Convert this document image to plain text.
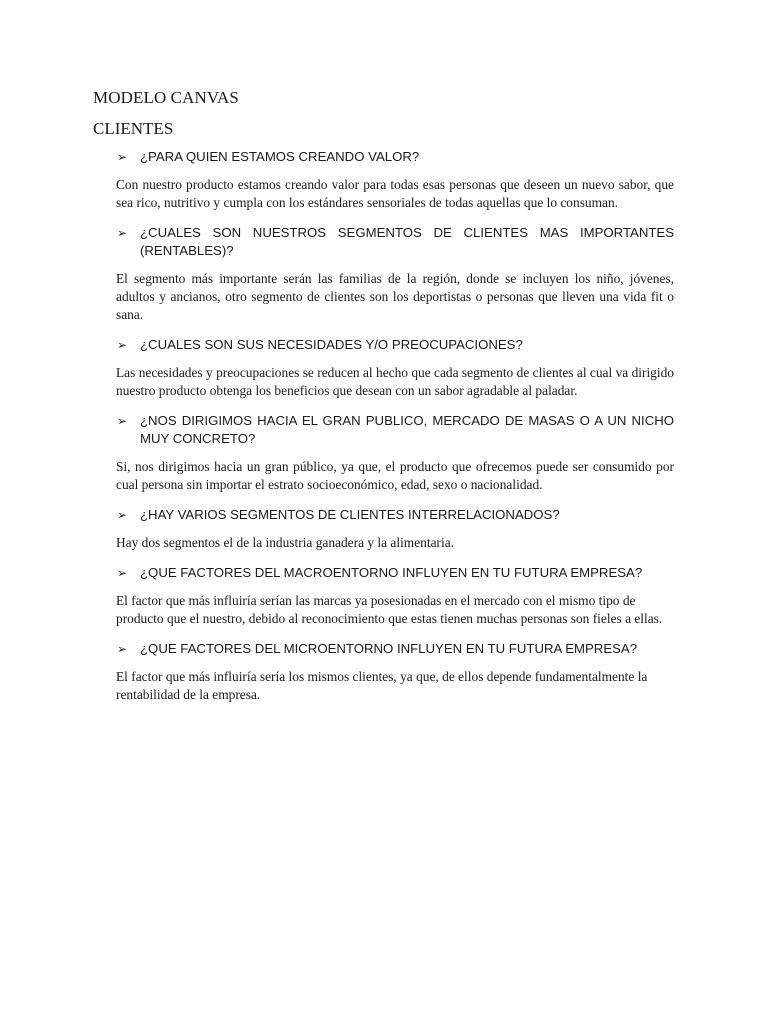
MODELO CANVAS
CLIENTES

➢ ¿PARA QUIEN ESTAMOS CREANDO VALOR?

Con nuestro producto estamos creando valor para todas esas personas que deseen un nuevo sabor, que sea rico, nutritivo y cumpla con los estándares sensoriales de todas aquellas que lo consuman.

➢ ¿CUALES SON NUESTROS SEGMENTOS DE CLIENTES MAS IMPORTANTES (RENTABLES)?

El segmento más importante serán las familias de la región, donde se incluyen los niño, jóvenes, adultos y ancianos, otro segmento de clientes son los deportistas o personas que lleven una vida fit o sana.

➢ ¿CUALES SON SUS NECESIDADES Y/O PREOCUPACIONES?

Las necesidades y preocupaciones se reducen al hecho que cada segmento de clientes al cual va dirigido nuestro producto obtenga los beneficios que desean con un sabor agradable al paladar.

➢ ¿NOS DIRIGIMOS HACIA EL GRAN PUBLICO, MERCADO DE MASAS O A UN NICHO MUY CONCRETO?

Si, nos dirigimos hacia un gran público, ya que, el producto que ofrecemos puede ser consumido por cual persona sin importar el estrato socioeconómico, edad, sexo o nacionalidad.

➢ ¿HAY VARIOS SEGMENTOS DE CLIENTES INTERRELACIONADOS?

Hay dos segmentos el de la industria ganadera y la alimentaria.

➢ ¿QUE FACTORES DEL MACROENTORNO INFLUYEN EN TU FUTURA EMPRESA?

El factor que más influiría serían las marcas ya posesionadas en el mercado con el mismo tipo de producto que el nuestro, debido al reconocimiento que estas tienen muchas personas son fieles a ellas.

➢ ¿QUE FACTORES DEL MICROENTORNO INFLUYEN EN TU FUTURA EMPRESA?

El factor que más influiría sería los mismos clientes, ya que, de ellos depende fundamentalmente la rentabilidad de la empresa.
